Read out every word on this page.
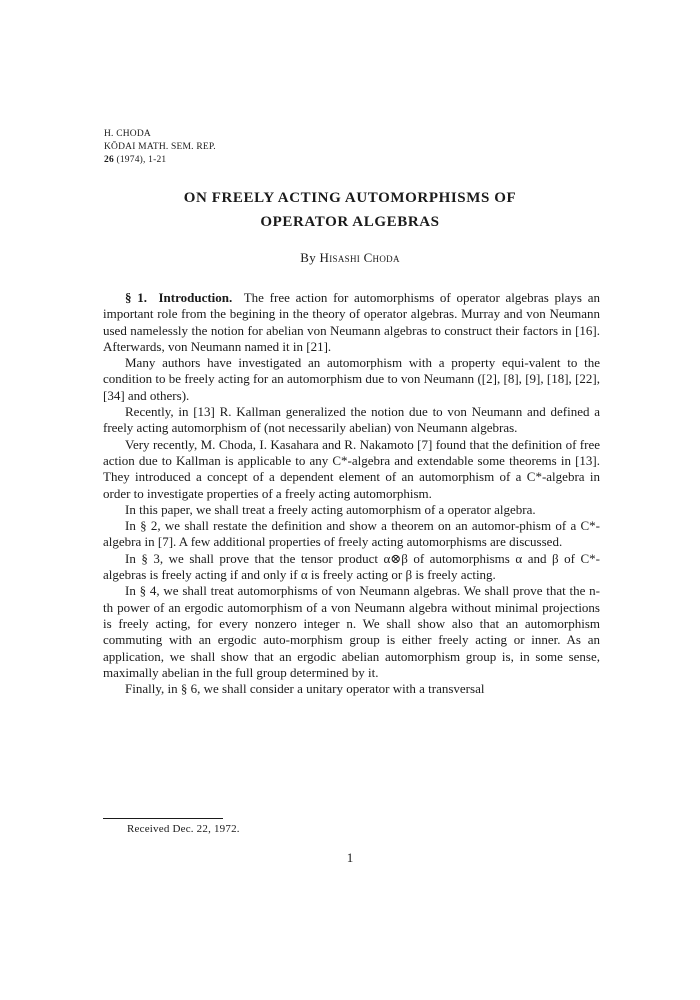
H. CHODA
KŌDAI MATH. SEM. REP.
26 (1974), 1-21
ON FREELY ACTING AUTOMORPHISMS OF
OPERATOR ALGEBRAS
By Hisashi Choda

§ 1. Introduction. The free action for automorphisms of operator algebras plays an important role from the begining in the theory of operator algebras. Murray and von Neumann used namelessly the notion for abelian von Neumann algebras to construct their factors in [16]. Afterwards, von Neumann named it in [21].

Many authors have investigated an automorphism with a property equi-valent to the condition to be freely acting for an automorphism due to von Neumann ([2], [8], [9], [18], [22], [34] and others).

Recently, in [13] R. Kallman generalized the notion due to von Neumann and defined a freely acting automorphism of (not necessarily abelian) von Neumann algebras.

Very recently, M. Choda, I. Kasahara and R. Nakamoto [7] found that the definition of free action due to Kallman is applicable to any C*-algebra and extendable some theorems in [13]. They introduced a concept of a dependent element of an automorphism of a C*-algebra in order to investigate properties of a freely acting automorphism.

In this paper, we shall treat a freely acting automorphism of a operator algebra.

In § 2, we shall restate the definition and show a theorem on an automor-phism of a C*-algebra in [7]. A few additional properties of freely acting automorphisms are discussed.

In § 3, we shall prove that the tensor product α⊗β of automorphisms α and β of C*-algebras is freely acting if and only if α is freely acting or β is freely acting.

In § 4, we shall treat automorphisms of von Neumann algebras. We shall prove that the n-th power of an ergodic automorphism of a von Neumann algebra without minimal projections is freely acting, for every nonzero integer n. We shall show also that an automorphism commuting with an ergodic auto-morphism group is either freely acting or inner. As an application, we shall show that an ergodic abelian automorphism group is, in some sense, maximally abelian in the full group determined by it.

Finally, in § 6, we shall consider a unitary operator with a transversal

Received Dec. 22, 1972.
1
